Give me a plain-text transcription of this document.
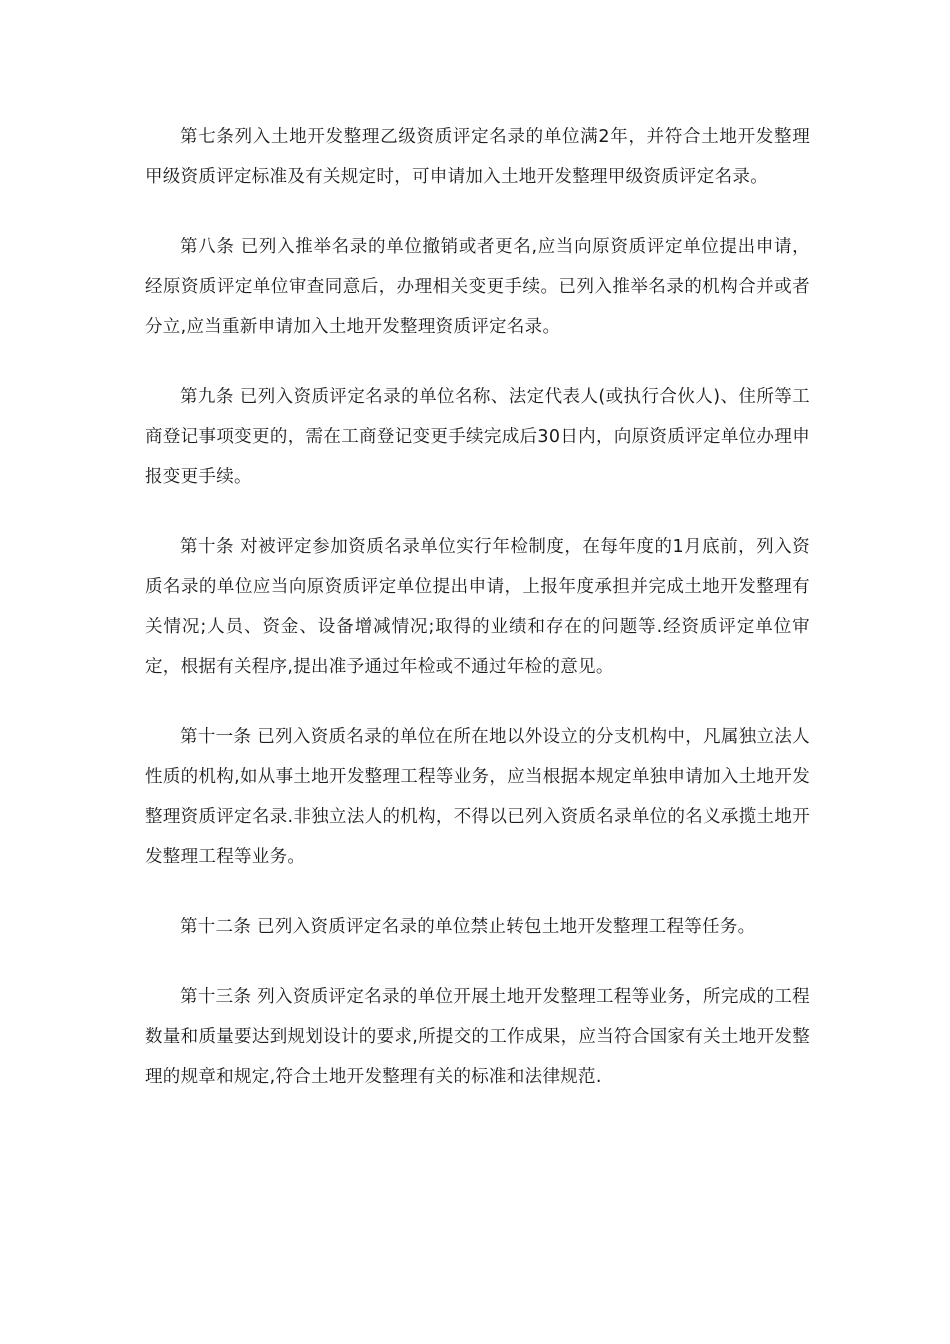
第七条列入土地开发整理乙级资质评定名录的单位满2年，并符合土地开发整理甲级资质评定标准及有关规定时，可申请加入土地开发整理甲级资质评定名录。

第八条 已列入推举名录的单位撤销或者更名,应当向原资质评定单位提出申请，经原资质评定单位审查同意后，办理相关变更手续。已列入推举名录的机构合并或者分立,应当重新申请加入土地开发整理资质评定名录。

第九条 已列入资质评定名录的单位名称、法定代表人(或执行合伙人)、住所等工商登记事项变更的，需在工商登记变更手续完成后30日内，向原资质评定单位办理申报变更手续。

第十条 对被评定参加资质名录单位实行年检制度，在每年度的1月底前，列入资质名录的单位应当向原资质评定单位提出申请，上报年度承担并完成土地开发整理有关情况;人员、资金、设备增减情况;取得的业绩和存在的问题等.经资质评定单位审定，根据有关程序,提出准予通过年检或不通过年检的意见。

第十一条 已列入资质名录的单位在所在地以外设立的分支机构中，凡属独立法人性质的机构,如从事土地开发整理工程等业务，应当根据本规定单独申请加入土地开发整理资质评定名录.非独立法人的机构，不得以已列入资质名录单位的名义承揽土地开发整理工程等业务。

第十二条 已列入资质评定名录的单位禁止转包土地开发整理工程等任务。

第十三条 列入资质评定名录的单位开展土地开发整理工程等业务，所完成的工程数量和质量要达到规划设计的要求,所提交的工作成果，应当符合国家有关土地开发整理的规章和规定,符合土地开发整理有关的标准和法律规范.
